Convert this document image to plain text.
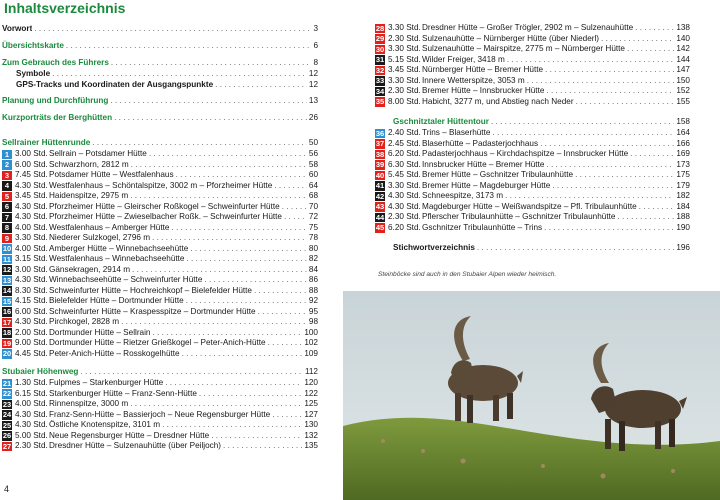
Inhaltsverzeichnis
Vorwort . . .	3
Übersichtskarte . . .	6
Zum Gebrauch des Führers . . .	8
Symbole . . .	12
GPS-Tracks und Koordinaten der Ausgangspunkte . . .	12
Planung und Durchführung . . .	13
Kurzporträts der Berghütten . . .	26
Sellrainer Hüttenrunde . . .	50
1 3.00 Std. Sellrain – Potsdamer Hütte . . .	56
2 6.00 Std. Schwarzhorn, 2812 m . . .	58
3 7.45 Std. Potsdamer Hütte – Westfalenhaus . . .	60
4 4.30 Std. Westfalenhaus – Schöntalspitze, 3002 m – Pforzheimer Hütte . . .	64
5 3.45 Std. Haidenspitze, 2975 m . . .	68
6 4.30 Std. Pforzheimer Hütte – Gleirscher Roßkogel – Schweinfurter Hütte . . .	70
7 4.30 Std. Pforzheimer Hütte – Zwieselbacher Roßk. – Schweinfurter Hütte . . .	72
8 4.00 Std. Westfalenhaus – Amberger Hütte . . .	75
9 3.30 Std. Niederer Sulzkogel, 2796 m . . .	78
10 4.00 Std. Amberger Hütte – Winnebachseehütte . . .	80
11 3.15 Std. Westfalenhaus – Winnebachseehütte . . .	82
12 3.00 Std. Gänsekragen, 2914 m . . .	84
13 4.30 Std. Winnebachseehütte – Schweinfurter Hütte . . .	86
14 8.30 Std. Schweinfurter Hütte – Hochreichkopf – Bielefelder Hütte . . .	88
15 4.15 Std. Bielefelder Hütte – Dortmunder Hütte . . .	92
16 6.00 Std. Schweinfurter Hütte – Kraspesspitze – Dortmunder Hütte . . .	95
17 4.30 Std. Pirchkogel, 2828 m . . .	98
18 2.00 Std. Dortmunder Hütte – Sellrain . . .	100
19 9.00 Std. Dortmunder Hütte – Rietzer Grießkogel – Peter-Anich-Hütte . . .	102
20 4.45 Std. Peter-Anich-Hütte – Rosskogelhütte . . .	109
Stubaier Höhenweg . . .	112
21 1.30 Std. Fulpmes – Starkenburger Hütte . . .	120
22 6.15 Std. Starkenburger Hütte – Franz-Senn-Hütte . . .	122
23 4.00 Std. Rinnenspitze, 3000 m . . .	125
24 4.30 Std. Franz-Senn-Hütte – Bassierjoch – Neue Regensburger Hütte . . .	127
25 4.30 Std. Östliche Knotenspitze, 3101 m . . .	130
26 5.00 Std. Neue Regensburger Hütte – Dresdner Hütte . . .	132
27 2.30 Std. Dresdner Hütte – Sulzenauhütte (über Peiljoch) . . .	135
28 3.30 Std. Dresdner Hütte – Großer Trögler, 2902 m – Sulzenauhütte . . .	138
29 2.30 Std. Sulzenauhütte – Nürnberger Hütte (über Niederl) . . .	140
30 3.30 Std. Sulzenauhütte – Mairspitze, 2775 m – Nürnberger Hütte . . .	142
31 5.15 Std. Wilder Freiger, 3418 m . . .	144
32 3.45 Std. Nürnberger Hütte – Bremer Hütte . . .	147
33 3.30 Std. Innere Wetterspitze, 3053 m . . .	150
34 2.30 Std. Bremer Hütte – Innsbrucker Hütte . . .	152
35 8.00 Std. Habicht, 3277 m, und Abstieg nach Neder . . .	155
Gschnitztaler Hüttentour . . .	158
36 2.40 Std. Trins – Blaserhütte . . .	164
37 2.45 Std. Blaserhütte – Padasterjochhaus . . .	166
38 6.20 Std. Padasterjochhaus – Kirchdachspitze – Innsbrucker Hütte . . .	169
39 6.30 Std. Innsbrucker Hütte – Bremer Hütte . . .	173
40 5.45 Std. Bremer Hütte – Gschnitzer Tribulaunhütte . . .	175
41 3.30 Std. Bremer Hütte – Magdeburger Hütte . . .	179
42 4.30 Std. Schneespitze, 3173 m . . .	182
43 4.30 Std. Magdeburger Hütte – Weißwandspitze – Pfl. Tribulaunhütte . . .	184
44 2.30 Std. Pflerscher Tribulaunhütte – Gschnitzer Tribulaunhütte . . .	188
45 6.20 Std. Gschnitzer Tribulaunhütte – Trins . . .	190
Stichwortverzeichnis . . .	196
Steinböcke sind auch in den Stubaier Alpen wieder heimisch.
4
